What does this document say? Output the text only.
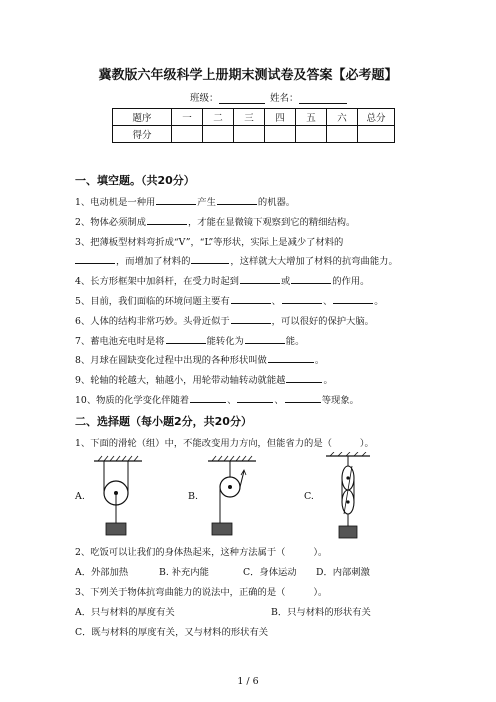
冀教版六年级科学上册期末测试卷及答案【必考题】
班级：	姓名：
题序	一	二	三	四	五	六	总分
得分							
一、填空题。（共20分）
1、电动机是一种用	产生	的机器。
2、物体必须制成	，才能在显微镜下观察到它的精细结构。
3、把薄板型材料弯折成“V”，“L”等形状，实际上是减少了材料的
，而增加了材料的	，这样就大大增加了材料的抗弯曲能力。
4、长方形框架中加斜杆，在受力时起到	或	的作用。
5、目前，我们面临的环境问题主要有	、	、	。
6、人体的结构非常巧妙。头骨近似于	，可以很好的保护大脑。
7、蓄电池充电时是将	能转化为	能。
8、月球在圆缺变化过程中出现的各种形状叫做	。
9、轮轴的轮越大，轴越小，用轮带动轴转动就能越	。
10、物质的化学变化伴随着	、	、	等现象。
二、选择题（每小题2分，共20分）
1、下面的滑轮（组）中，不能改变用力方向，但能省力的是（　　　）。
A.	B.	C.
2、吃饭可以让我们的身体热起来，这种方法属于（　　　）。
A．外部加热	B. 补充内能	C．身体运动 D．内部刺激
3、下列关于物体抗弯曲能力的说法中，正确的是（　　　）。
A．只与材料的厚度有关	B．只与材料的形状有关
C．既与材料的厚度有关，又与材料的形状有关
1 / 6
